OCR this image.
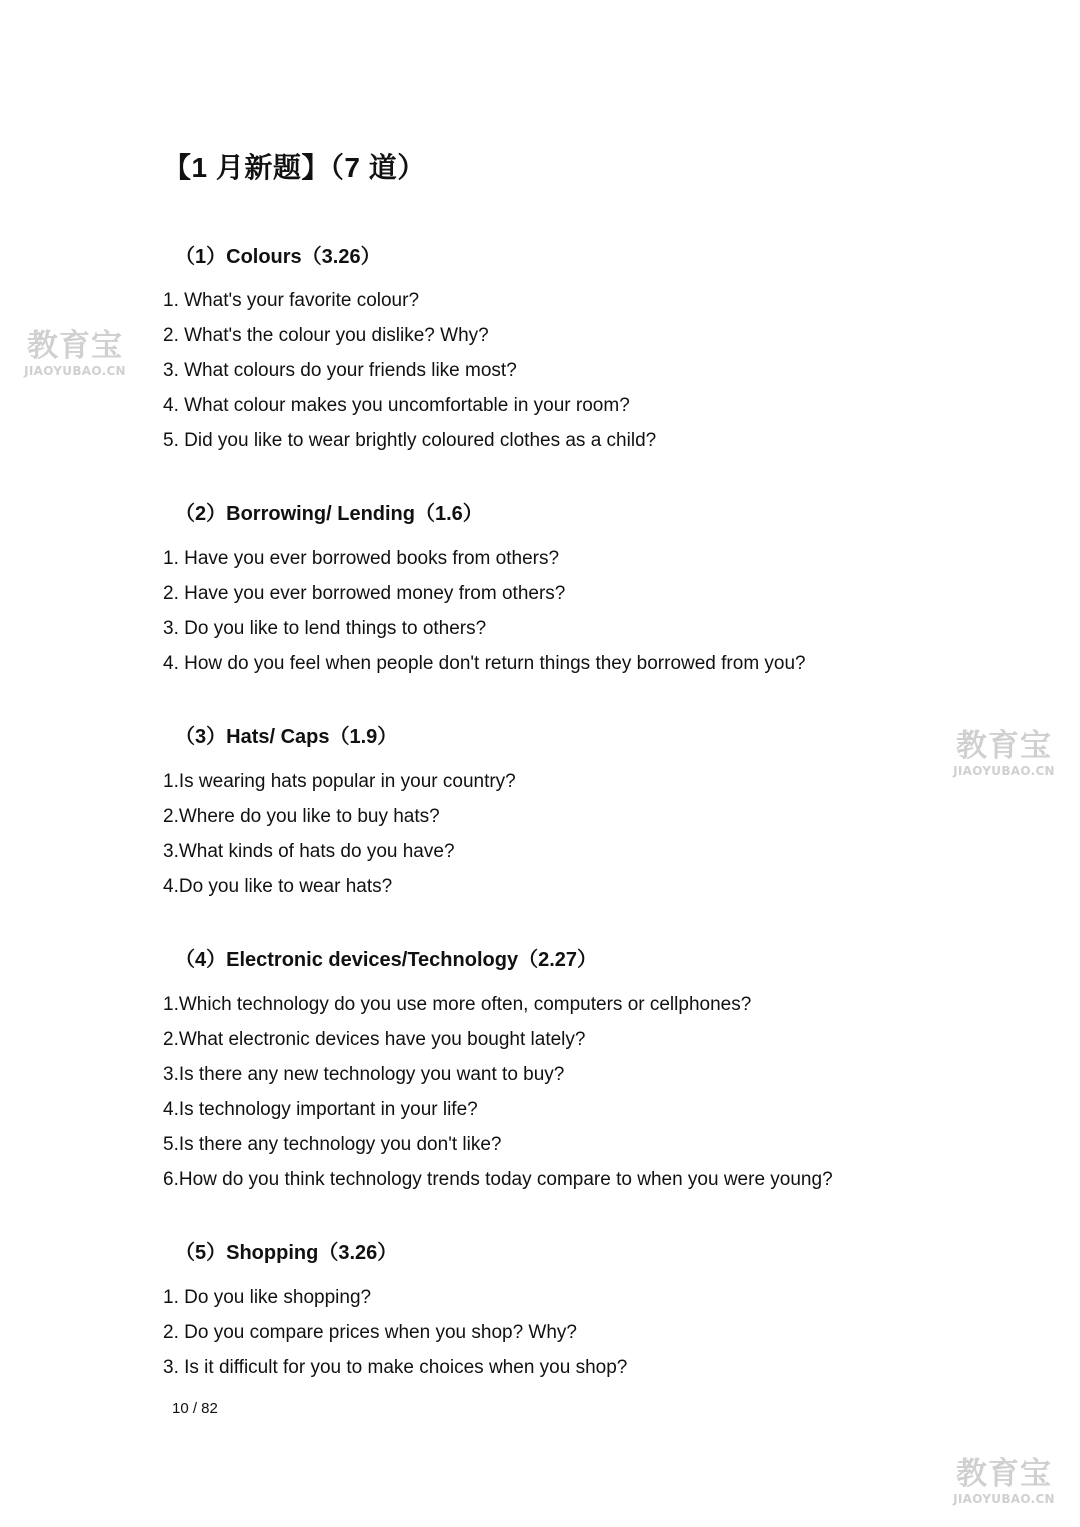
【1 月新题】（7 道）
（1）Colours（3.26）
1. What's your favorite colour?
2. What's the colour you dislike? Why?
3. What colours do your friends like most?
4. What colour makes you uncomfortable in your room?
5. Did you like to wear brightly coloured clothes as a child?
（2）Borrowing/ Lending（1.6）
1. Have you ever borrowed books from others?
2. Have you ever borrowed money from others?
3. Do you like to lend things to others?
4. How do you feel when people don't return things they borrowed from you?
（3）Hats/ Caps（1.9）
1.Is wearing hats popular in your country?
2.Where do you like to buy hats?
3.What kinds of hats do you have?
4.Do you like to wear hats?
（4）Electronic devices/Technology（2.27）
1.Which technology do you use more often, computers or cellphones?
2.What electronic devices have you bought lately?
3.Is there any new technology you want to buy?
4.Is technology important in your life?
5.Is there any technology you don't like?
6.How do you think technology trends today compare to when you were young?
（5）Shopping（3.26）
1. Do you like shopping?
2. Do you compare prices when you shop? Why?
3. Is it difficult for you to make choices when you shop?
10 / 82
教育宝
JIAOYUBAO.CN
教育宝
JIAOYUBAO.CN
教育宝
JIAOYUBAO.CN
